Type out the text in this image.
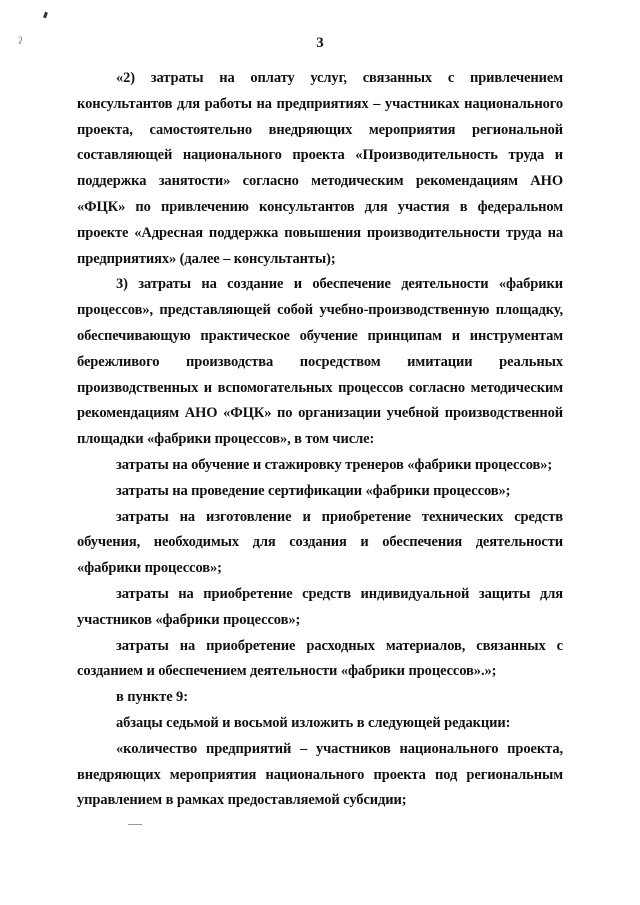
ʔ	3

«2) затраты на оплату услуг, связанных с привлечением консультантов для работы на предприятиях – участниках национального проекта, самостоятельно внедряющих мероприятия региональной составляющей национального проекта «Производительность труда и поддержка занятости» согласно методическим рекомендациям АНО «ФЦК» по привлечению консультантов для участия в федеральном проекте «Адресная поддержка повышения производительности труда на предприятиях» (далее – консультанты);

3) затраты на создание и обеспечение деятельности «фабрики процессов», представляющей собой учебно-производственную площадку, обеспечивающую практическое обучение принципам и инструментам бережливого производства посредством имитации реальных производственных и вспомогательных процессов согласно методическим рекомендациям АНО «ФЦК» по организации учебной производственной площадки «фабрики процессов», в том числе:

затраты на обучение и стажировку тренеров «фабрики процессов»;

затраты на проведение сертификации «фабрики процессов»;

затраты на изготовление и приобретение технических средств обучения, необходимых для создания и обеспечения деятельности «фабрики процессов»;

затраты на приобретение средств индивидуальной защиты для участников «фабрики процессов»;

затраты на приобретение расходных материалов, связанных с созданием и обеспечением деятельности «фабрики процессов».»;

в пункте 9:

абзацы седьмой и восьмой изложить в следующей редакции:

«количество предприятий – участников национального проекта, внедряющих мероприятия национального проекта под региональным управлением в рамках предоставляемой субсидии;
